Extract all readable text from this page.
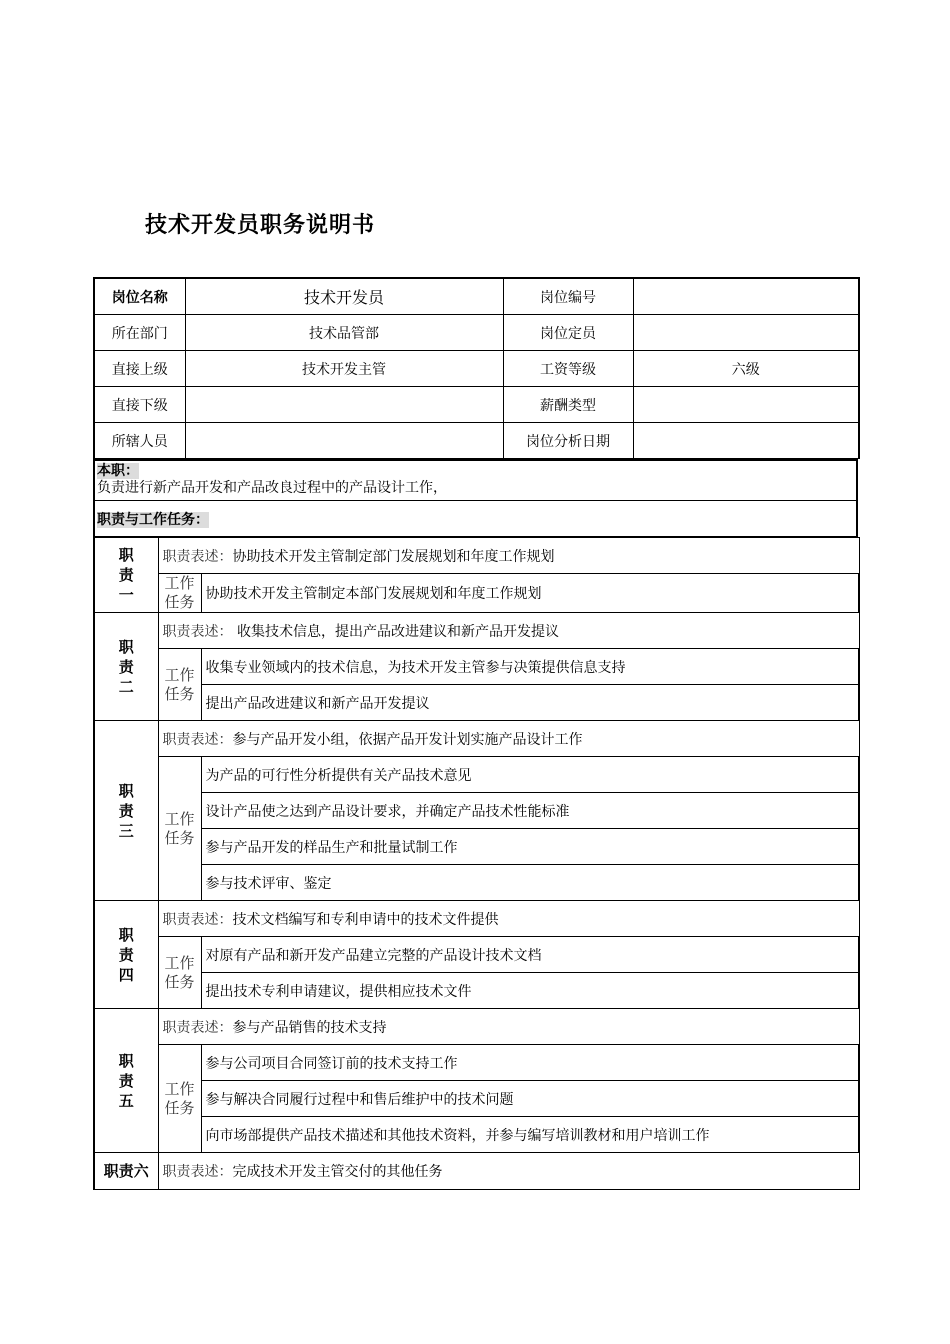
技术开发员职务说明书
岗位名称	技术开发员	岗位编号	
所在部门	技术品管部	岗位定员	
直接上级	技术开发主管	工资等级	六级
直接下级		薪酬类型	
所辖人员		岗位分析日期	
本职：
负责进行新产品开发和产品改良过程中的产品设计工作，

职责与工作任务：
职
责
一	职责表述：协助技术开发主管制定部门发展规划和年度工作规划	
	工作
任务	协助技术开发主管制定本部门发展规划和年度工作规划

职
责
二	职责表述： 收集技术信息，提出产品改进建议和新产品开发提议	
	工作
任务	收集专业领域内的技术信息，为技术开发主管参与决策提供信息支持
		提出产品改进建议和新产品开发提议

职
责
三	职责表述：参与产品开发小组，依据产品开发计划实施产品设计工作	
	工作
任务	为产品的可行性分析提供有关产品技术意见
		设计产品使之达到产品设计要求，并确定产品技术性能标准
		参与产品开发的样品生产和批量试制工作
		参与技术评审、鉴定

职
责
四	职责表述：技术文档编写和专利申请中的技术文件提供	
	工作
任务	对原有产品和新开发产品建立完整的产品设计技术文档
		提出技术专利申请建议，提供相应技术文件

职
责
五	职责表述：参与产品销售的技术支持	
	工作
任务	参与公司项目合同签订前的技术支持工作
		参与解决合同履行过程中和售后维护中的技术问题
		向市场部提供产品技术描述和其他技术资料，并参与编写培训教材和用户培训工作
职责六	职责表述：完成技术开发主管交付的其他任务	
